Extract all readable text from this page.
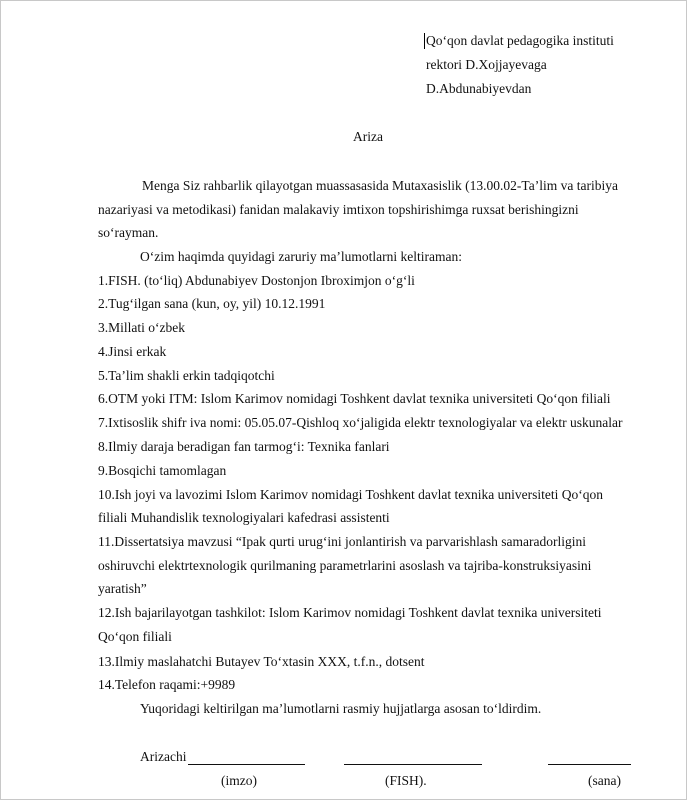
Qo‘qon davlat pedagogika instituti
rektori D.Xojjayevaga
D.Abdunabiyevdan
Ariza
Menga Siz rahbarlik qilayotgan muassasasida Mutaxasislik (13.00.02-Ta’lim va taribiya
nazariyasi va metodikasi) fanidan malakaviy imtixon topshirishimga ruxsat berishingizni
so‘rayman.
O‘zim haqimda quyidagi zaruriy ma’lumotlarni keltiraman:
1.FISH. (to‘liq) Abdunabiyev Dostonjon Ibroximjon o‘g‘li
2.Tug‘ilgan sana (kun, oy, yil) 10.12.1991
3.Millati o‘zbek
4.Jinsi erkak
5.Ta’lim shakli erkin tadqiqotchi
6.OTM yoki ITM: Islom Karimov nomidagi Toshkent davlat texnika universiteti Qo‘qon filiali
7.Ixtisoslik shifr iva nomi: 05.05.07-Qishloq xo‘jaligida elektr texnologiyalar va elektr uskunalar
8.Ilmiy daraja beradigan fan tarmog‘i: Texnika fanlari
9.Bosqichi tamomlagan
10.Ish joyi va lavozimi Islom Karimov nomidagi Toshkent davlat texnika universiteti Qo‘qon
filiali Muhandislik texnologiyalari kafedrasi assistenti
11.Dissertatsiya mavzusi “Ipak qurti urug‘ini jonlantirish va parvarishlash samaradorligini
oshiruvchi elektrtexnologik qurilmaning parametrlarini asoslash va tajriba-konstruksiyasini
yaratish”
12.Ish bajarilayotgan tashkilot: Islom Karimov nomidagi Toshkent davlat texnika universiteti
Qo‘qon filiali
13.Ilmiy maslahatchi Butayev To‘xtasin XXX, t.f.n., dotsent
14.Telefon raqami:+9989
Yuqoridagi keltirilgan ma’lumotlarni rasmiy hujjatlarga asosan to‘ldirdim.
Arizachi
(imzo)	(FISH).	(sana)
